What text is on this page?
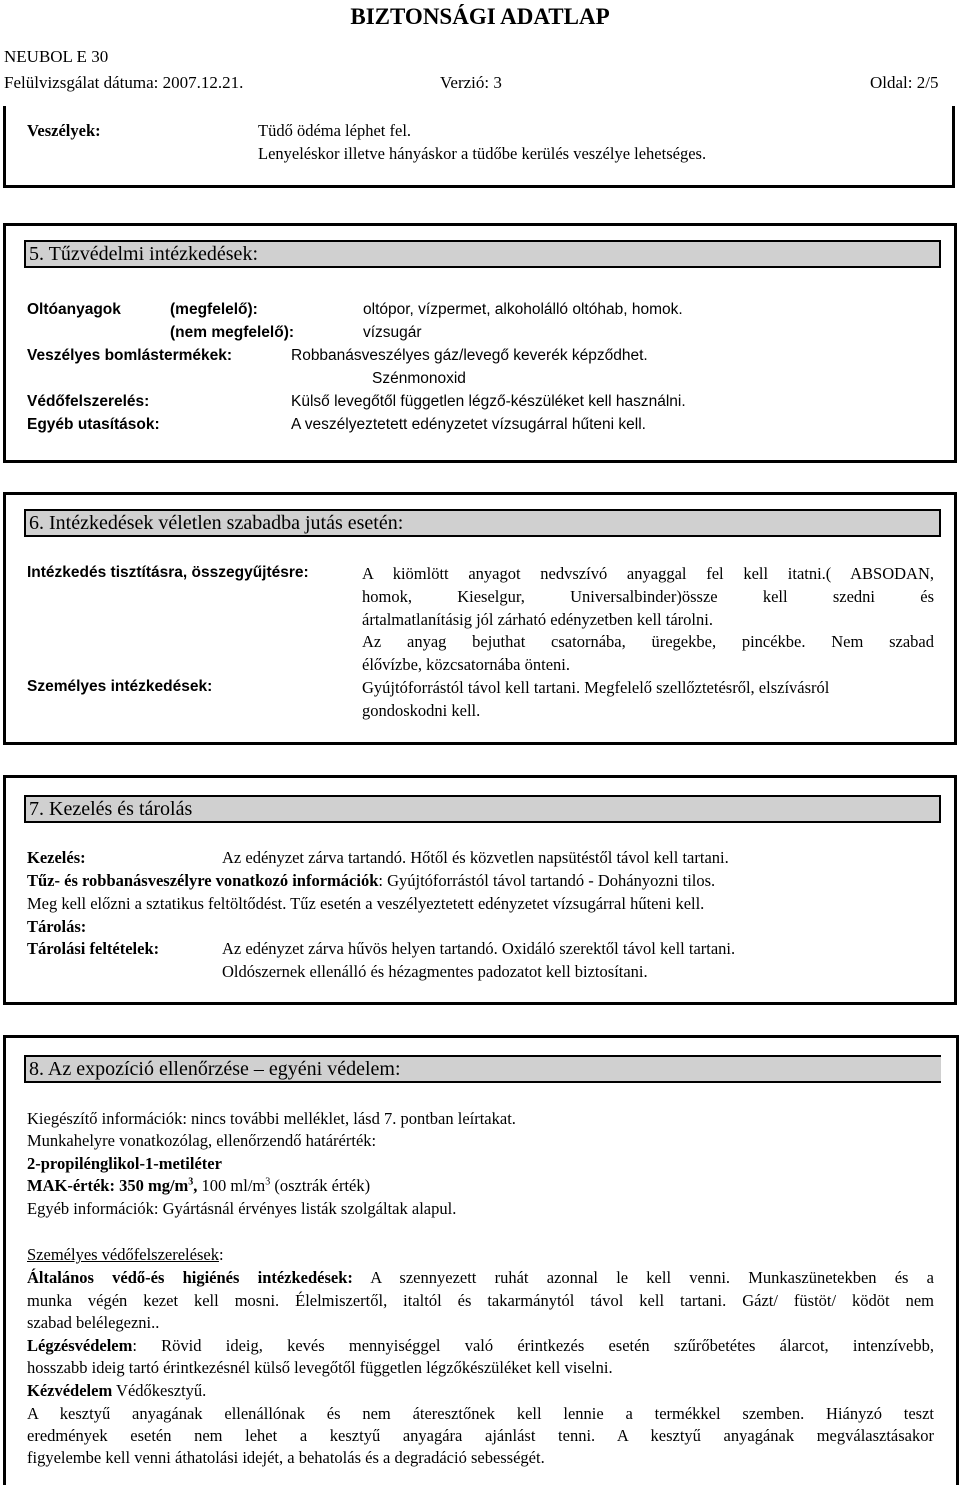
BIZTONSÁGI ADATLAP
NEUBOL E 30
Felülvizsgálat dátuma: 2007.12.21.	Verzió: 3	Oldal: 2/5
Veszélyek:	Tüdő ödéma léphet fel.
Lenyeléskor illetve hányáskor a tüdőbe kerülés veszélye lehetséges.
5. Tűzvédelmi intézkedések:
Oltóanyagok	(megfelelő):	oltópor, vízpermet, alkoholálló oltóhab, homok.
(nem megfelelő):	vízsugár
Veszélyes bomlástermékek:	Robbanásveszélyes gáz/levegő keverék képződhet.
Szénmonoxid
Védőfelszerelés:	Külső levegőtől független légző-készüléket kell használni.
Egyéb utasítások:	A veszélyeztetett edényzetet vízsugárral hűteni kell.
6. Intézkedések véletlen szabadba jutás esetén:
Intézkedés tisztításra, összegyűjtésre:	A kiömlött anyagot nedvszívó anyaggal fel kell itatni.( ABSODAN,
homok, Kieselgur, Universalbinder)össze kell szedni és
ártalmatlanításig jól zárható edényzetben kell tárolni.
Az anyag bejuthat csatornába, üregekbe, pincékbe. Nem szabad
élővízbe, közcsatornába önteni.
Személyes intézkedések:	Gyújtóforrástól távol kell tartani. Megfelelő szellőztetésről, elszívásról
gondoskodni kell.
7. Kezelés és tárolás
Kezelés:	Az edényzet zárva tartandó. Hőtől és közvetlen napsütéstől távol kell tartani.
Tűz- és robbanásveszélyre vonatkozó információk: Gyújtóforrástól távol tartandó - Dohányozni tilos.
Meg kell előzni a sztatikus feltöltődést. Tűz esetén a veszélyeztetett edényzetet vízsugárral hűteni kell.
Tárolás:
Tárolási feltételek:	Az edényzet zárva hűvös helyen tartandó. Oxidáló szerektől távol kell tartani.
Oldószernek ellenálló és hézagmentes padozatot kell biztosítani.
8. Az expozíció ellenőrzése – egyéni védelem:
Kiegészítő információk: nincs további melléklet, lásd 7. pontban leírtakat.
Munkahelyre vonatkozólag, ellenőrzendő határérték:
2-propilénglikol-1-metiléter
MAK-érték: 350 $mg/m^3$, 100 $ml/m^3$ (osztrák érték)
Egyéb információk: Gyártásnál érvényes listák szolgáltak alapul.
Személyes védőfelszerelések:
Általános védő-és higiénés intézkedések: A szennyezett ruhát azonnal le kell venni. Munkaszünetekben és a
munka végén kezet kell mosni. Élelmiszertől, italtól és takarmánytól távol kell tartani. Gázt/ füstöt/ ködöt nem
szabad belélegezni..
Légzésvédelem: Rövid ideig, kevés mennyiséggel való érintkezés esetén szűrőbetétes álarcot, intenzívebb,
hosszabb ideig tartó érintkezésnél külső levegőtől független légzőkészüléket kell viselni.
Kézvédelem Védőkesztyű.
A kesztyű anyagának ellenállónak és nem áteresztőnek kell lennie a termékkel szemben. Hiányzó teszt
eredmények esetén nem lehet a kesztyű anyagára ajánlást tenni. A kesztyű anyagának megválasztásakor
figyelembe kell venni áthatolási idejét, a behatolás és a degradáció sebességét.
